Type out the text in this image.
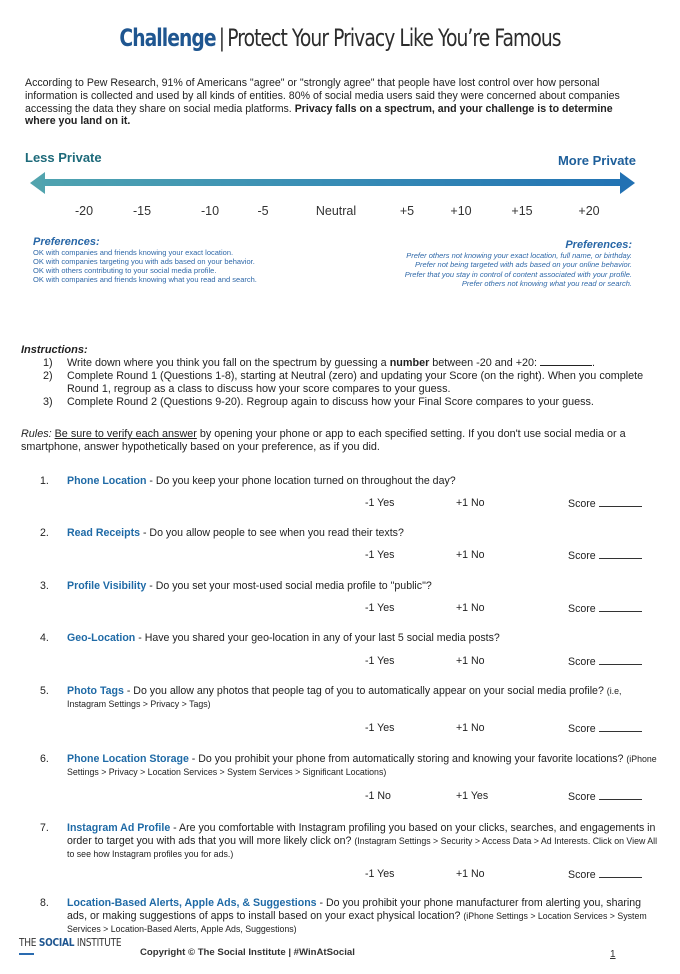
Challenge | Protect Your Privacy Like You’re Famous

According to Pew Research, 91% of Americans "agree" or "strongly agree" that people have lost control over how personal information is collected and used by all kinds of entities. 80% of social media users said they were concerned about companies accessing the data they share on social media platforms. Privacy falls on a spectrum, and your challenge is to determine where you land on it.

Less Private	More Private
-20	-15	-10	-5	Neutral	+5	+10	+15	+20
Preferences:
OK with companies and friends knowing your exact location.
OK with companies targeting you with ads based on your behavior.
OK with others contributing to your social media profile.
OK with companies and friends knowing what you read and search.
Preferences:
Prefer others not knowing your exact location, full name, or birthday.
Prefer not being targeted with ads based on your online behavior.
Prefer that you stay in control of content associated with your profile.
Prefer others not knowing what you read or search.
Instructions:
1) Write down where you think you fall on the spectrum by guessing a number between -20 and +20:	.
2) Complete Round 1 (Questions 1-8), starting at Neutral (zero) and updating your Score (on the right). When you complete Round 1, regroup as a class to discuss how your score compares to your guess.
3) Complete Round 2 (Questions 9-20). Regroup again to discuss how your Final Score compares to your guess.

Rules: Be sure to verify each answer by opening your phone or app to each specified setting. If you don't use social media or a smartphone, answer hypothetically based on your preference, as if you did.

1. Phone Location - Do you keep your phone location turned on throughout the day?
-1 Yes	+1 No	Score
2. Read Receipts - Do you allow people to see when you read their texts?
-1 Yes	+1 No	Score
3. Profile Visibility - Do you set your most-used social media profile to "public"?
-1 Yes	+1 No	Score
4. Geo-Location - Have you shared your geo-location in any of your last 5 social media posts?
-1 Yes	+1 No	Score
5. Photo Tags - Do you allow any photos that people tag of you to automatically appear on your social media profile? (i.e, Instagram Settings > Privacy > Tags)
-1 Yes	+1 No	Score
6. Phone Location Storage - Do you prohibit your phone from automatically storing and knowing your favorite locations? (iPhone Settings > Privacy > Location Services > System Services > Significant Locations)
-1 No	+1 Yes	Score
7. Instagram Ad Profile - Are you comfortable with Instagram profiling you based on your clicks, searches, and engagements in order to target you with ads that you will more likely click on? (Instagram Settings > Security > Access Data > Ad Interests. Click on View All to see how Instagram profiles you for ads.)
-1 Yes	+1 No	Score
8. Location-Based Alerts, Apple Ads, & Suggestions - Do you prohibit your phone manufacturer from alerting you, sharing ads, or making suggestions of apps to install based on your exact physical location? (iPhone Settings > Location Services > System Services > Location-Based Alerts, Apple Ads, Suggestions)
THE SOCIAL INSTITUTE
Copyright © The Social Institute | #WinAtSocial	1
